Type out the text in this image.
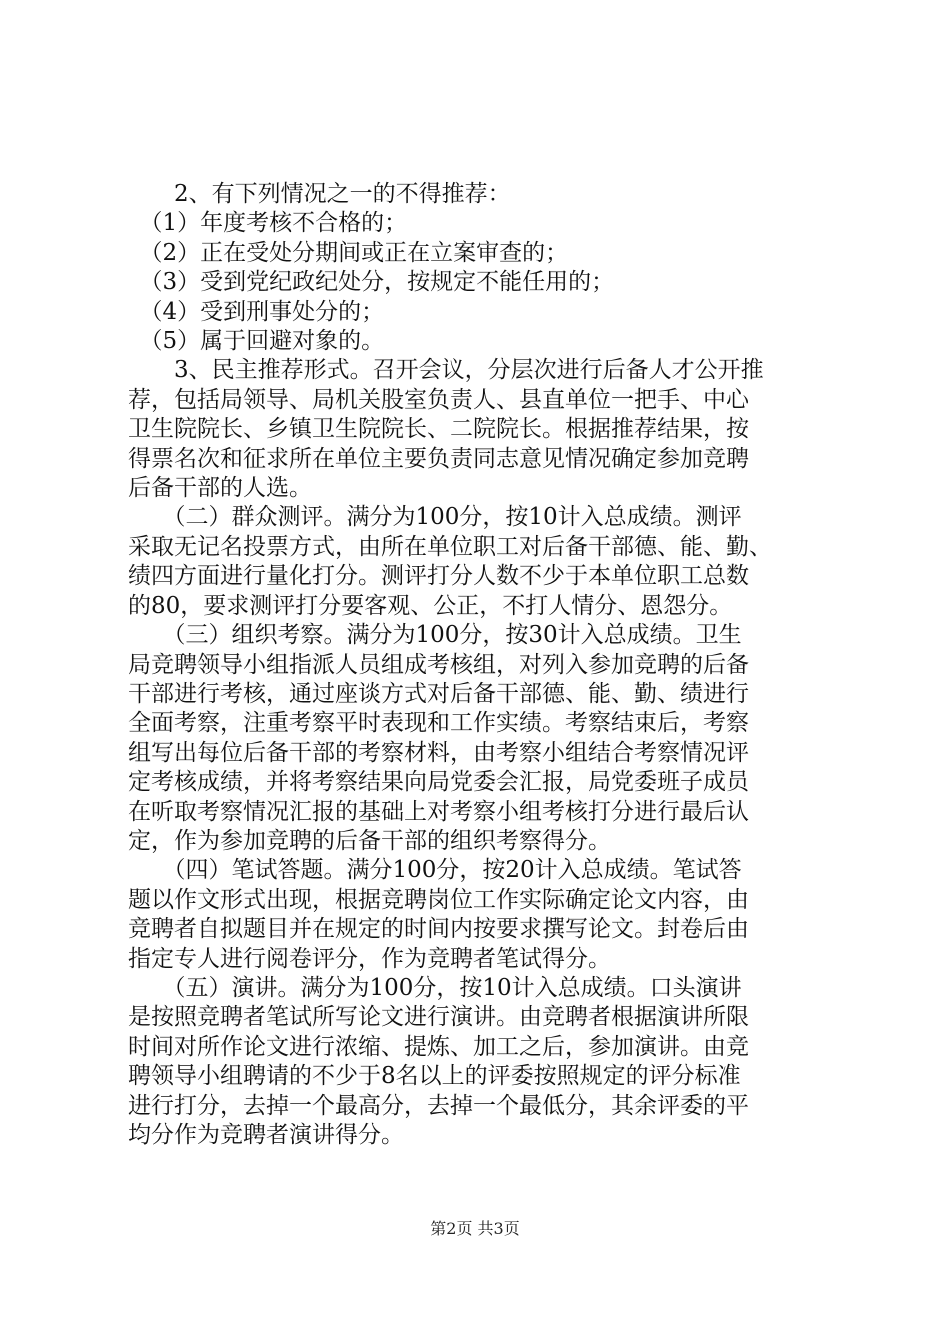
　　2、有下列情况之一的不得推荐：

　（1）年度考核不合格的；

　（2）正在受处分期间或正在立案审查的；

　（3）受到党纪政纪处分，按规定不能任用的；

　（4）受到刑事处分的；

　（5）属于回避对象的。

　　3、民主推荐形式。召开会议，分层次进行后备人才公开推

荐，包括局领导、局机关股室负责人、县直单位一把手、中心

卫生院院长、乡镇卫生院院长、二院院长。根据推荐结果，按

得票名次和征求所在单位主要负责同志意见情况确定参加竞聘

后备干部的人选。

　　（二）群众测评。满分为100分，按10计入总成绩。测评

采取无记名投票方式，由所在单位职工对后备干部德、能、勤、

绩四方面进行量化打分。测评打分人数不少于本单位职工总数

的80，要求测评打分要客观、公正，不打人情分、恩怨分。

　　（三）组织考察。满分为100分，按30计入总成绩。卫生

局竞聘领导小组指派人员组成考核组，对列入参加竞聘的后备

干部进行考核，通过座谈方式对后备干部德、能、勤、绩进行

全面考察，注重考察平时表现和工作实绩。考察结束后，考察

组写出每位后备干部的考察材料，由考察小组结合考察情况评

定考核成绩，并将考察结果向局党委会汇报，局党委班子成员

在听取考察情况汇报的基础上对考察小组考核打分进行最后认

定，作为参加竞聘的后备干部的组织考察得分。

　　（四）笔试答题。满分100分，按20计入总成绩。笔试答

题以作文形式出现，根据竞聘岗位工作实际确定论文内容，由

竞聘者自拟题目并在规定的时间内按要求撰写论文。封卷后由

指定专人进行阅卷评分，作为竞聘者笔试得分。

　　（五）演讲。满分为100分，按10计入总成绩。口头演讲

是按照竞聘者笔试所写论文进行演讲。由竞聘者根据演讲所限

时间对所作论文进行浓缩、提炼、加工之后，参加演讲。由竞

聘领导小组聘请的不少于8名以上的评委按照规定的评分标准

进行打分，去掉一个最高分，去掉一个最低分，其余评委的平

均分作为竞聘者演讲得分。

第2页 共3页
